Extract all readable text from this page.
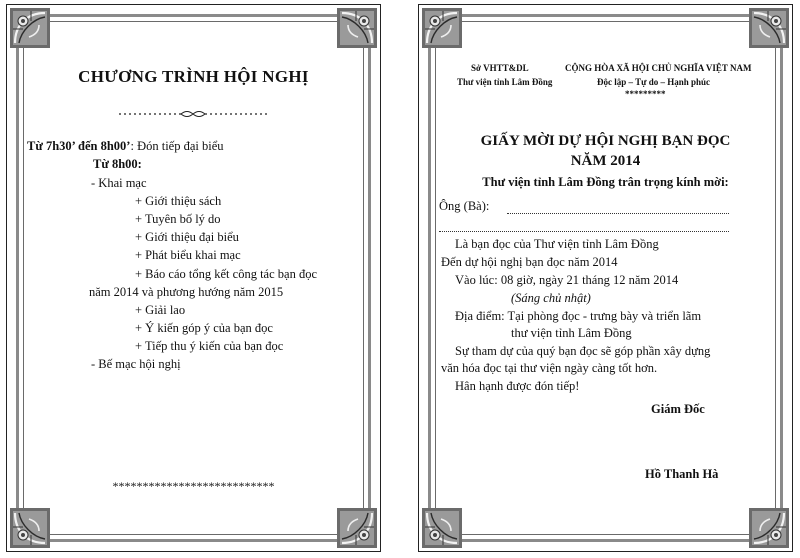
CHƯƠNG TRÌNH HỘI NGHỊ
Từ 7h30’ đến 8h00’: Đón tiếp đại biểu
Từ 8h00:
- Khai mạc
+ Giới thiệu sách
+ Tuyên bố lý do
+ Giới thiệu đại biểu
+ Phát biểu khai mạc
+ Báo cáo tổng kết công tác bạn đọc
năm 2014 và phương hướng năm 2015
+ Giải lao
+ Ý kiến góp ý của bạn đọc
+ Tiếp thu ý kiến của bạn đọc
- Bế mạc hội nghị
***************************
Sở VHTT&DL
Thư viện tỉnh Lâm Đồng
CỘNG HÒA XÃ HỘI CHỦ NGHĨA VIỆT NAM
Độc lập – Tự do – Hạnh phúc
*********
GIẤY MỜI DỰ HỘI NGHỊ BẠN ĐỌC
NĂM 2014
Thư viện tỉnh Lâm Đồng trân trọng kính mời:
Ông (Bà):
Là bạn đọc của Thư viện tỉnh Lâm Đồng
Đến dự hội nghị bạn đọc năm 2014
Vào lúc: 08 giờ, ngày 21 tháng 12 năm 2014
(Sáng chủ nhật)
Địa điểm: Tại phòng đọc - trưng bày và triển lãm
thư viện tỉnh Lâm Đồng
Sự tham dự của quý bạn đọc sẽ góp phần xây dựng
văn hóa đọc tại thư viện ngày càng tốt hơn.
Hân hạnh được đón tiếp!
Giám Đốc
Hồ Thanh Hà
